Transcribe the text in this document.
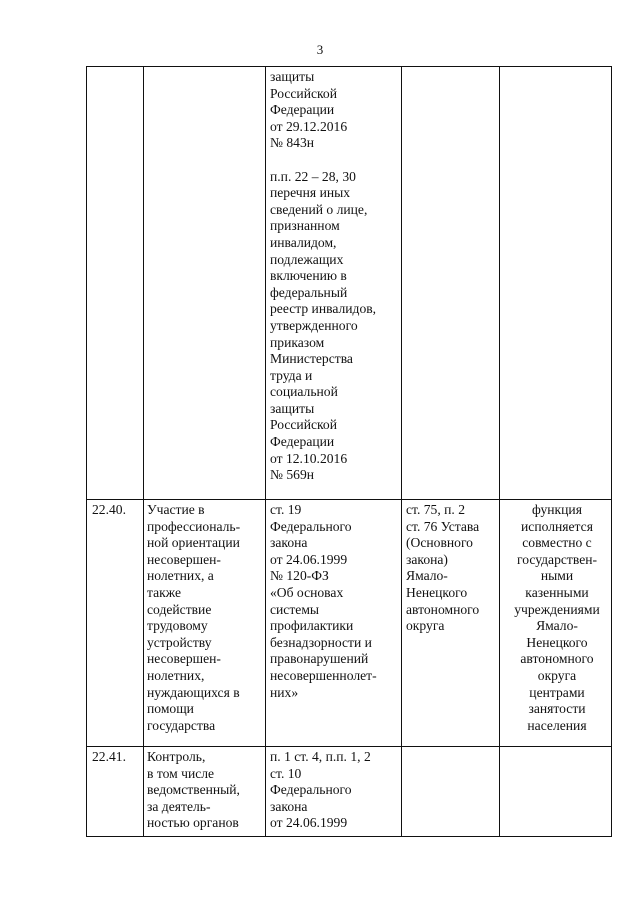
3
защиты
Российской
Федерации
от 29.12.2016
№ 843н

п.п. 22 – 28, 30
перечня иных
сведений о лице,
признанном
инвалидом,
подлежащих
включению в
федеральный
реестр инвалидов,
утвержденного
приказом
Министерства
труда и
социальной
защиты
Российской
Федерации
от 12.10.2016
№ 569н
22.40.	Участие в
профессиональ-
ной ориентации
несовершен-
нолетних, а
также
содействие
трудовому
устройству
несовершен-
нолетних,
нуждающихся в
помощи
государства
ст. 19
Федерального
закона
от 24.06.1999
№ 120-ФЗ
«Об основах
системы
профилактики
безнадзорности и
правонарушений
несовершеннолет-
них»
ст. 75, п. 2
ст. 76 Устава
(Основного
закона)
Ямало-
Ненецкого
автономного
округа
функция
исполняется
совместно с
государствен-
ными
казенными
учреждениями
Ямало-
Ненецкого
автономного
округа
центрами
занятости
населения
22.41.	Контроль,
в том числе
ведомственный,
за деятель-
ностью органов
п. 1 ст. 4, п.п. 1, 2
ст. 10
Федерального
закона
от 24.06.1999
